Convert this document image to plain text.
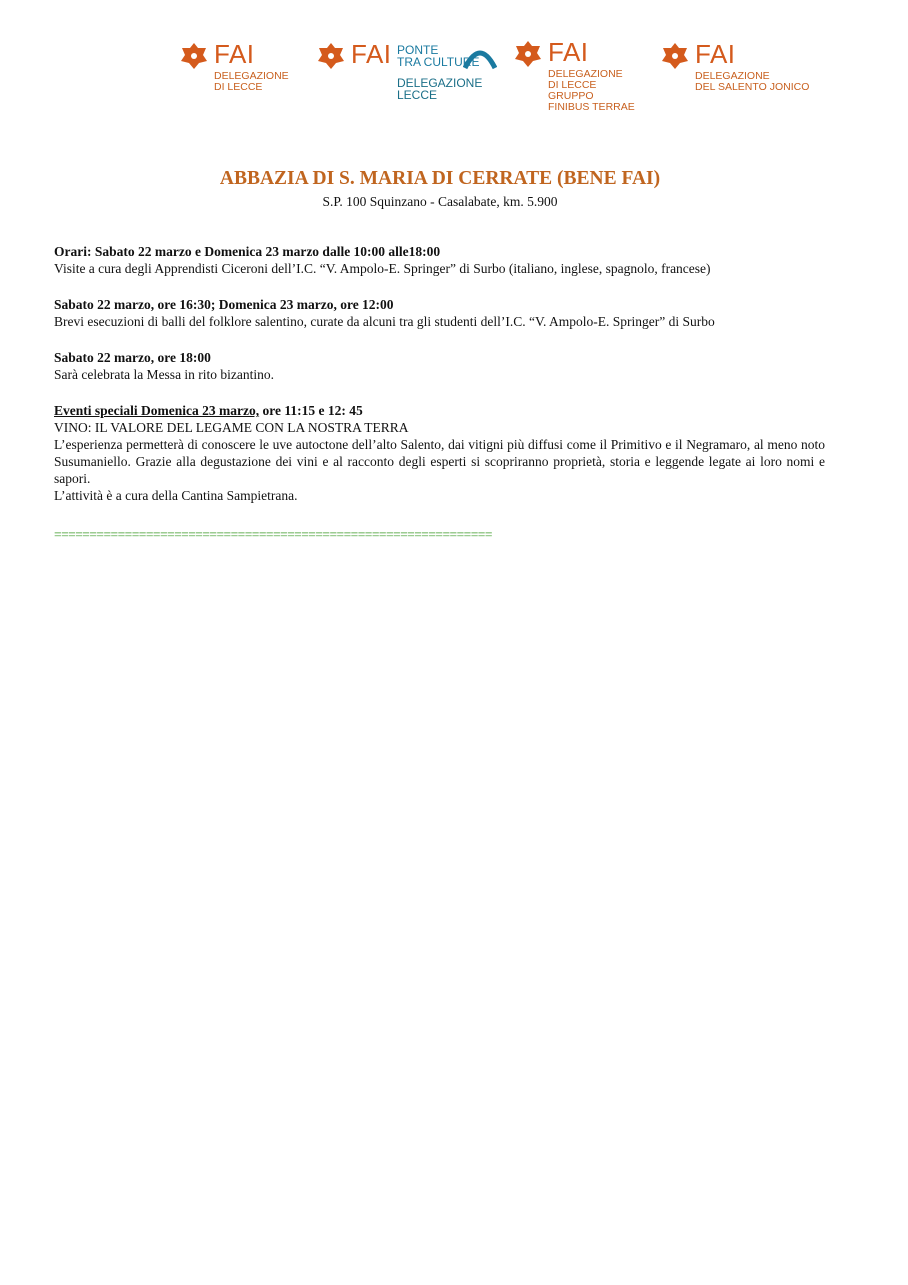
FAI
DELEGAZIONE
DI LECCE
FAI PONTE
TRA CULTURE
DELEGAZIONE
LECCE
FAI
DELEGAZIONE
DI LECCE
GRUPPO
FINIBUS TERRAE
FAI
DELEGAZIONE
DEL SALENTO JONICO
ABBAZIA DI S. MARIA DI CERRATE (BENE FAI)
S.P. 100 Squinzano - Casalabate, km. 5.900
Orari: Sabato 22 marzo e Domenica 23 marzo dalle 10:00 alle18:00
Visite a cura degli Apprendisti Ciceroni dell’I.C. “V. Ampolo-E. Springer” di Surbo (italiano, inglese, spagnolo, francese)
Sabato 22 marzo, ore 16:30; Domenica 23 marzo, ore 12:00
Brevi esecuzioni di balli del folklore salentino, curate da alcuni tra gli studenti dell’I.C. “V. Ampolo-E. Springer” di Surbo
Sabato 22 marzo, ore 18:00
Sarà celebrata la Messa in rito bizantino.
Eventi speciali Domenica 23 marzo, ore 11:15 e 12: 45
VINO: IL VALORE DEL LEGAME CON LA NOSTRA TERRA
L’esperienza permetterà di conoscere le uve autoctone dell’alto Salento, dai vitigni più diffusi come il Primitivo e il Negramaro, al meno noto Susumaniello. Grazie alla degustazione dei vini e al racconto degli esperti si scopriranno proprietà, storia e leggende legate ai loro nomi e sapori.
L’attività è a cura della Cantina Sampietrana.
==============================================================
